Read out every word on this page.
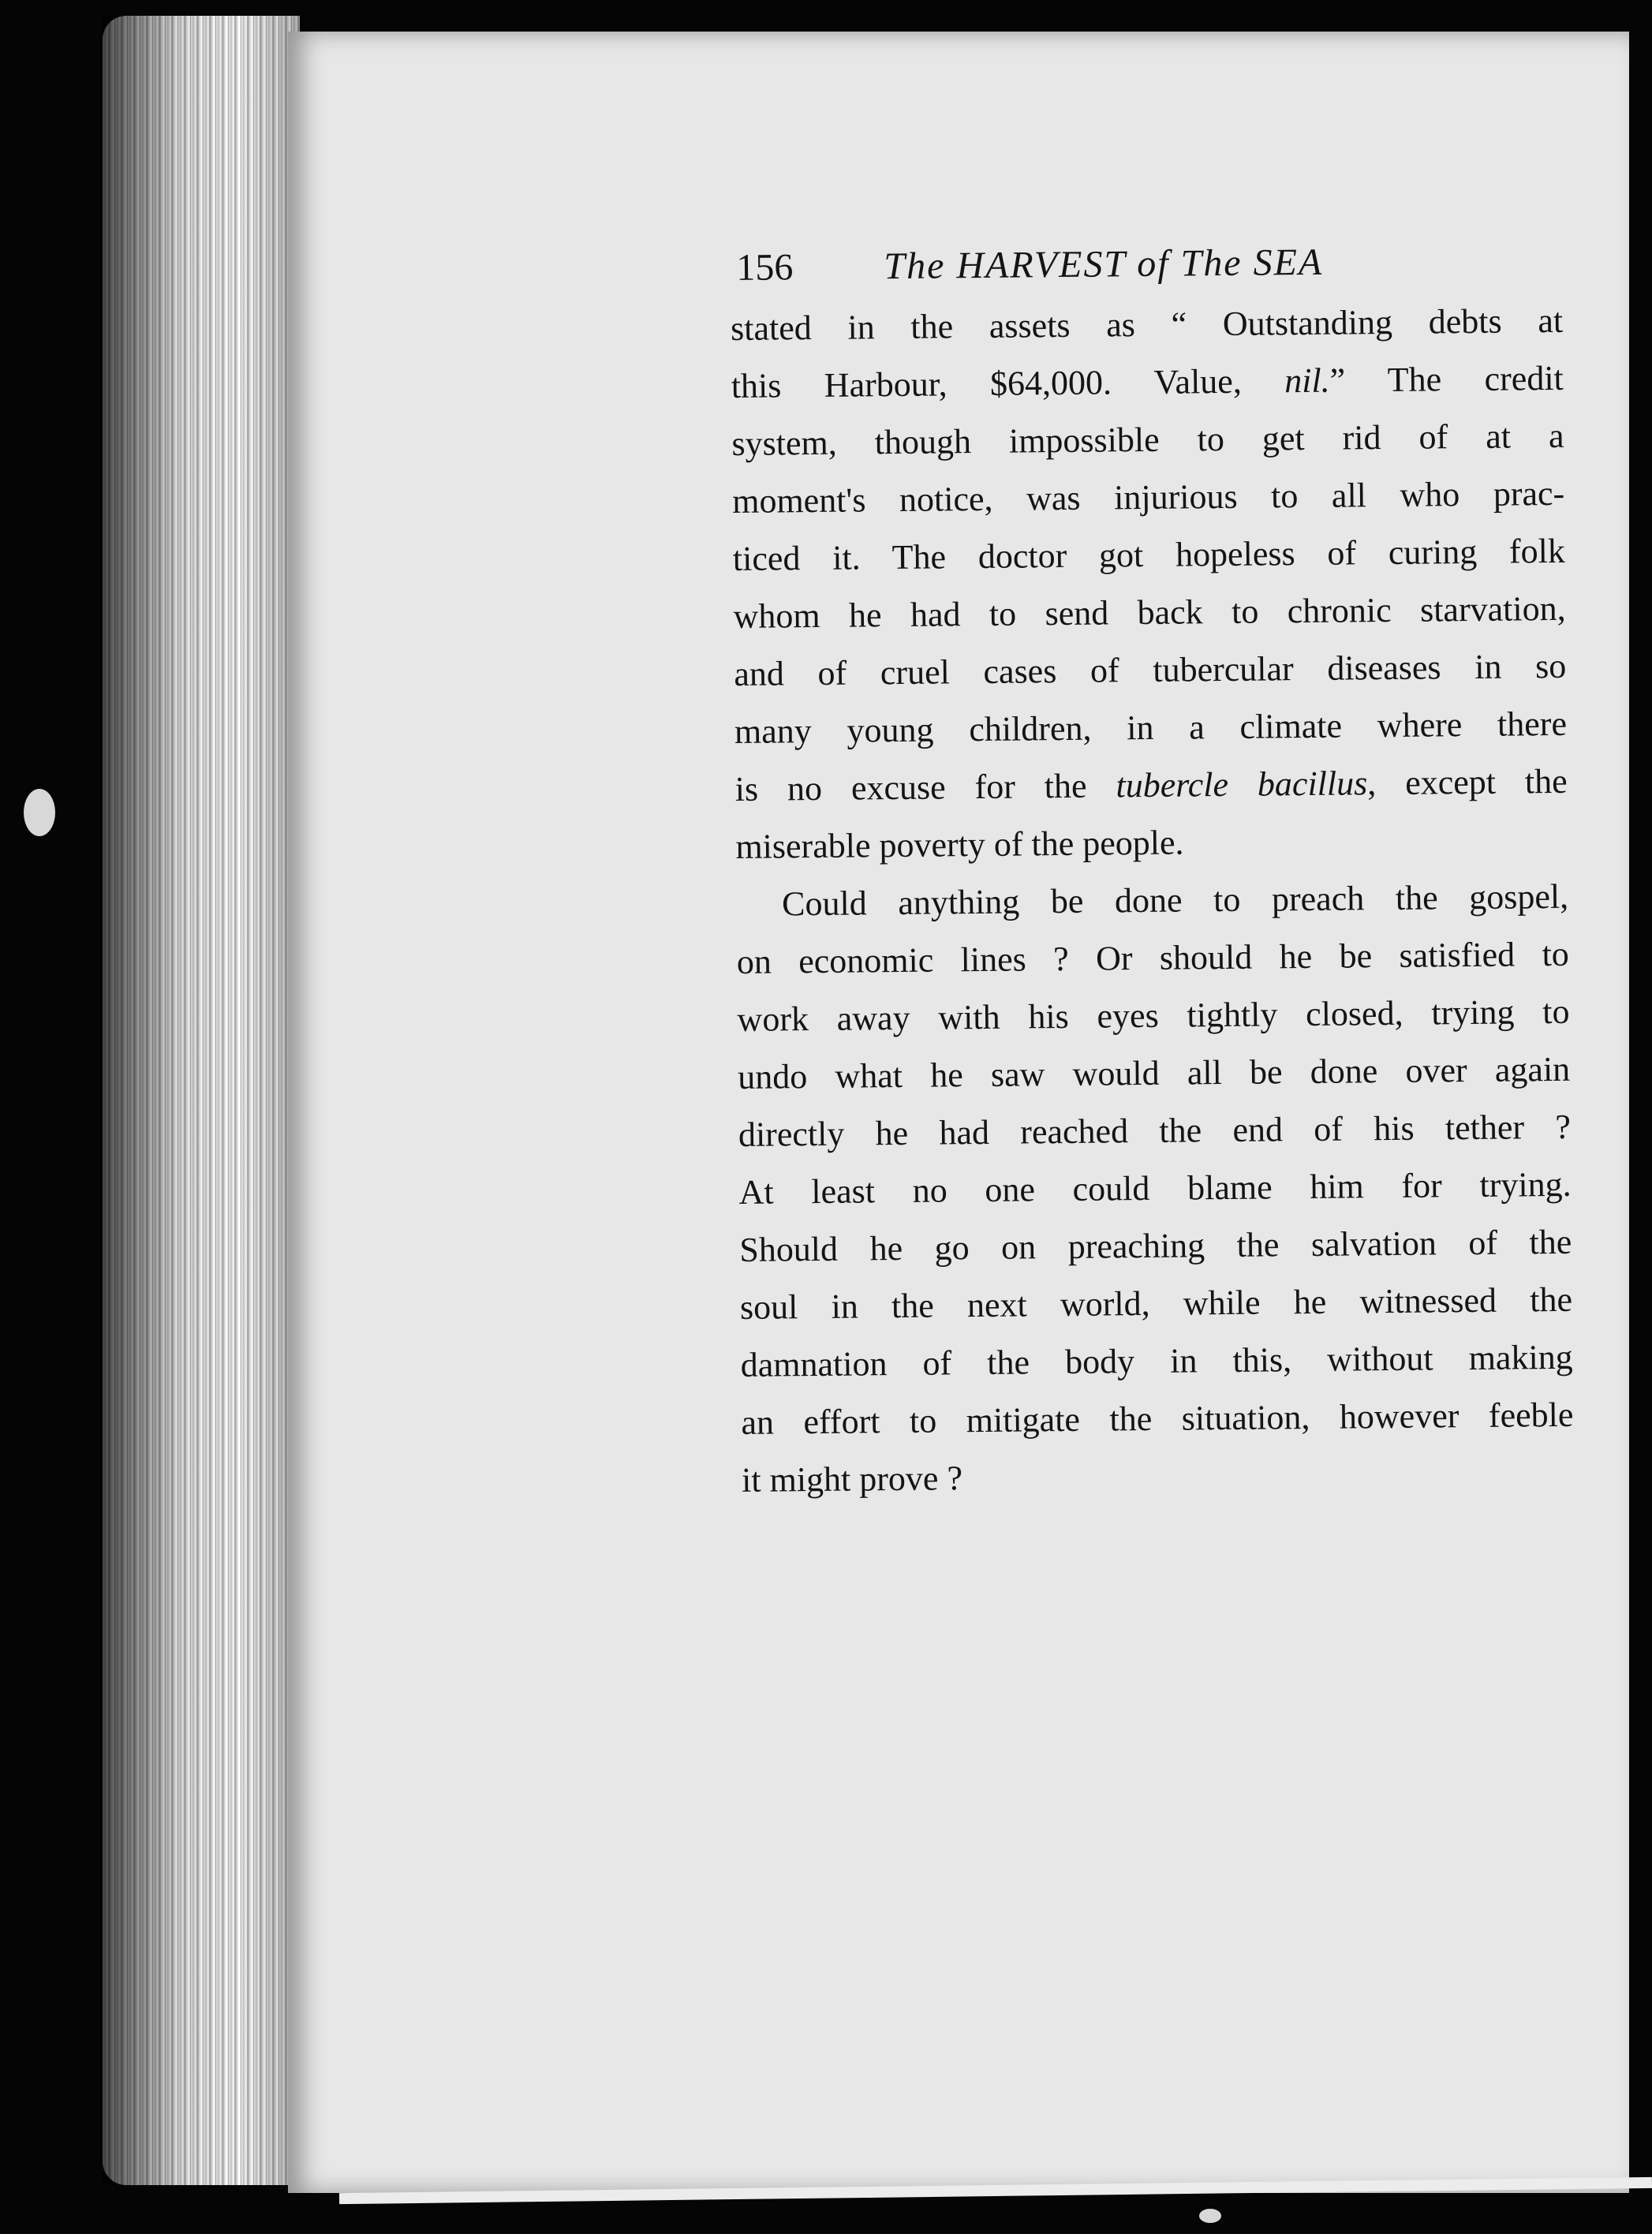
156 The HARVEST of The SEA
stated in the assets as “ Outstanding debts at
this Harbour, $64,000. Value, nil.” The credit
system, though impossible to get rid of at a
moment's notice, was injurious to all who prac-
ticed it. The doctor got hopeless of curing folk
whom he had to send back to chronic starvation,
and of cruel cases of tubercular diseases in so
many young children, in a climate where there
is no excuse for the tubercle bacillus, except the
miserable poverty of the people.
Could anything be done to preach the gospel,
on economic lines ? Or should he be satisfied to
work away with his eyes tightly closed, trying to
undo what he saw would all be done over again
directly he had reached the end of his tether ?
At least no one could blame him for trying.
Should he go on preaching the salvation of the
soul in the next world, while he witnessed the
damnation of the body in this, without making
an effort to mitigate the situation, however feeble
it might prove ?
